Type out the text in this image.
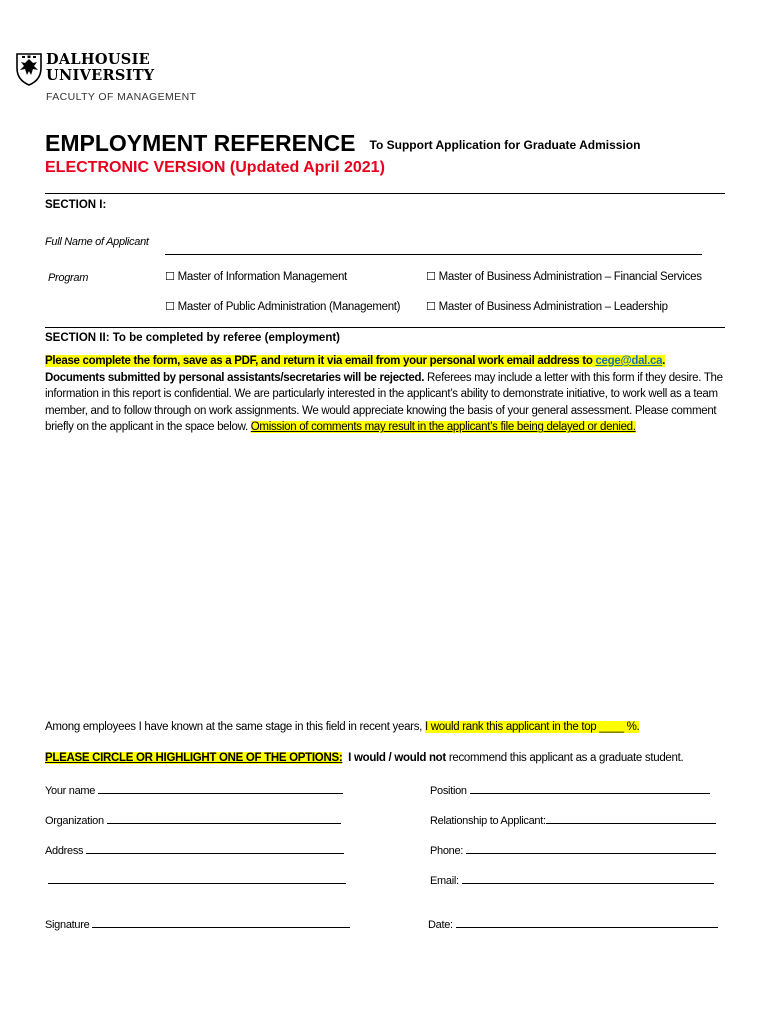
DALHOUSIE
UNIVERSITY
FACULTY OF MANAGEMENT
EMPLOYMENT REFERENCE To Support Application for Graduate Admission
ELECTRONIC VERSION (Updated April 2021)
SECTION I:
Full Name of Applicant
Program	☐ Master of Information Management	☐ Master of Business Administration – Financial Services
☐ Master of Public Administration (Management) ☐ Master of Business Administration – Leadership
SECTION II: To be completed by referee (employment)
Please complete the form, save as a PDF, and return it via email from your personal work email address to cege@dal.ca.
Documents submitted by personal assistants/secretaries will be rejected. Referees may include a letter with this form if they desire. The information in this report is confidential. We are particularly interested in the applicant’s ability to demonstrate initiative, to work well as a team member, and to follow through on work assignments. We would appreciate knowing the basis of your general assessment. Please comment briefly on the applicant in the space below. Omission of comments may result in the applicant’s file being delayed or denied.
Among employees I have known at the same stage in this field in recent years, I would rank this applicant in the top ____ %.
PLEASE CIRCLE OR HIGHLIGHT ONE OF THE OPTIONS: I would / would not recommend this applicant as a graduate student.
Your name	Position
Organization	Relationship to Applicant:
Address	Phone:
Email:
Signature	Date:
